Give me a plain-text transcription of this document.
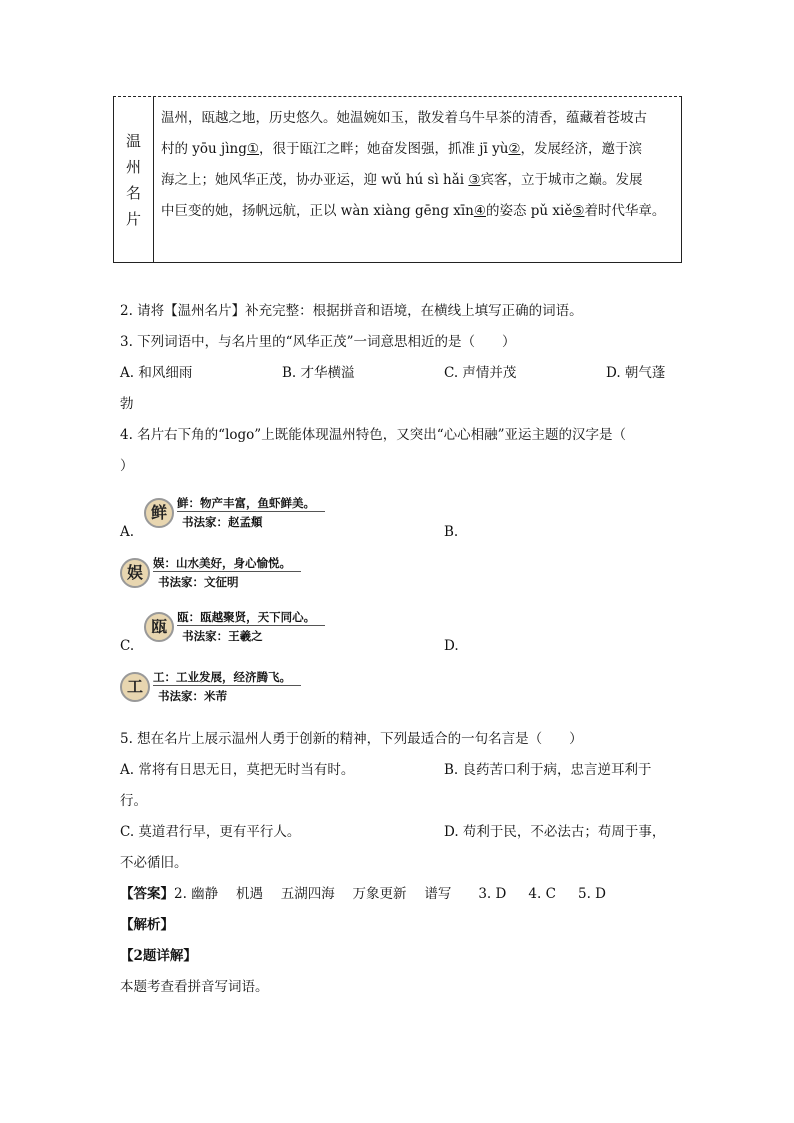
温
州
名
片
温州，瓯越之地，历史悠久。她温婉如玉，散发着乌牛早茶的清香，蕴藏着苍坡古
村的 yōu jìng①，很于瓯江之畔；她奋发图强，抓准 jī yù②，发展经济，邀于滨
海之上；她风华正茂，协办亚运，迎 wǔ hú sì hǎi ③宾客，立于城市之巅。发展
中巨变的她，扬帆远航，正以 wàn xiàng gēng xīn④的姿态 pǔ xiě⑤着时代华章。
2. 请将【温州名片】补充完整：根据拼音和语境，在横线上填写正确的词语。
3. 下列词语中，与名片里的“风华正茂”一词意思相近的是（　　）
A. 和风细雨	B. 才华横溢	C. 声情并茂	D. 朝气蓬
勃
4. 名片右下角的“logo”上既能体现温州特色，又突出“心心相融”亚运主题的汉字是（
）
A.
鲜 鲜：物产丰富，鱼虾鲜美。
书法家：赵孟頫
B.
娱 娱：山水美好，身心愉悦。
书法家：文征明
C.
瓯 瓯：瓯越聚贤，天下同心。
书法家：王羲之
D.
工 工：工业发展，经济腾飞。
书法家：米芾
5. 想在名片上展示温州人勇于创新的精神，下列最适合的一句名言是（　　）
A. 常将有日思无日，莫把无时当有时。	B. 良药苦口利于病，忠言逆耳利于
行。
C. 莫道君行早，更有平行人。	D. 苟利于民，不必法古；苟周于事，
不必循旧。
【答案】2. 幽静　 机遇　 五湖四海　 万象更新　 谱写　　3. D　  4. C　  5. D
【解析】
【2题详解】
本题考查看拼音写词语。
